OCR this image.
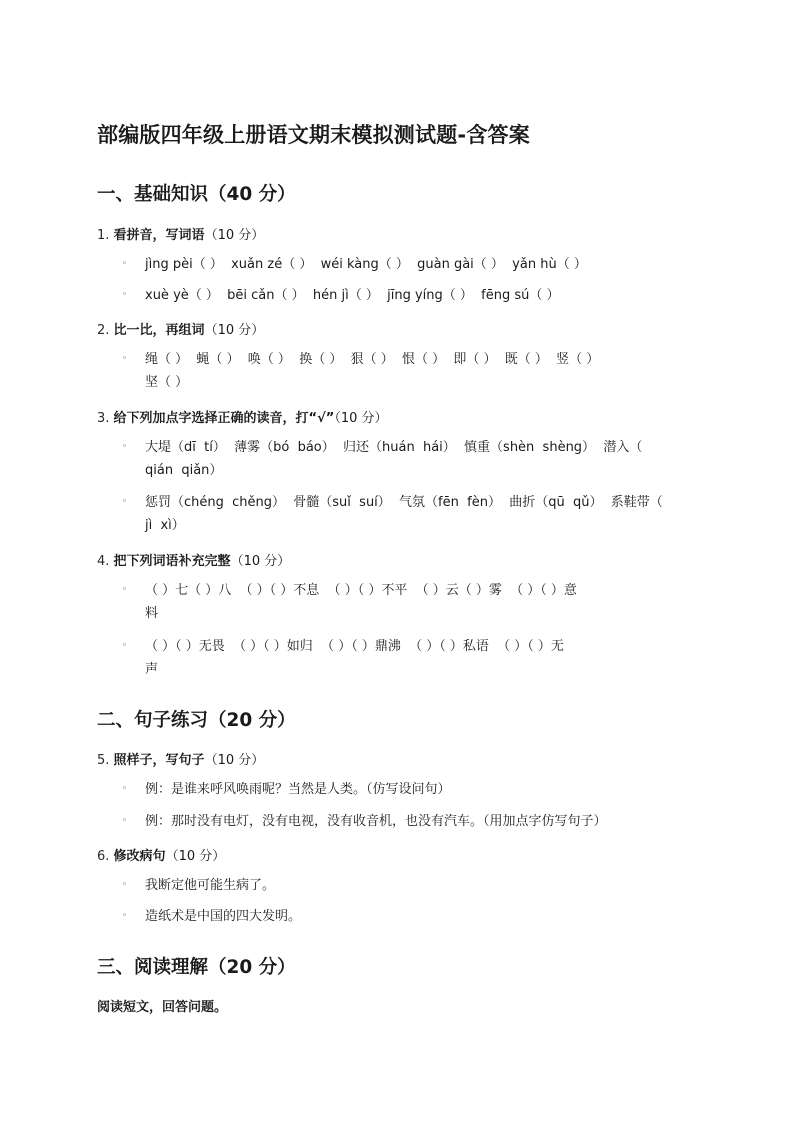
部编版四年级上册语文期末模拟测试题-含答案
一、基础知识（40 分）
1. 看拼音，写词语（10 分）
◦	jìng pèi（ ）  xuǎn zé（ ）  wéi kàng（ ）  guàn gài（ ）  yǎn hù（ ）
◦	xuè yè（ ）  bēi cǎn（ ）  hén jì（ ）  jīng yíng（ ）  fēng sú（ ）
2. 比一比，再组词（10 分）
◦	绳（ ）  蝇（ ）  唤（ ）  换（ ）  狠（ ）  恨（ ）  即（ ）  既（ ）  竖（ ）
坚（ ）
3. 给下列加点字选择正确的读音，打“√”（10 分）
◦	大堤（dī  tí）  薄雾（bó  báo）  归还（huán  hái）  慎重（shèn  shèng）  潜入（
qián  qiǎn）
◦	惩罚（chéng  chěng）  骨髓（suǐ  suí）  气氛（fēn  fèn）  曲折（qū  qǔ）  系鞋带（
jì  xì）
4. 把下列词语补充完整（10 分）
◦	（ ）七（ ）八  （ ）（ ）不息  （ ）（ ）不平  （ ）云（ ）雾  （ ）（ ）意
料
◦	（ ）（ ）无畏  （ ）（ ）如归  （ ）（ ）鼎沸  （ ）（ ）私语  （ ）（ ）无
声
二、句子练习（20 分）
5. 照样子，写句子（10 分）
◦	例：是谁来呼风唤雨呢？当然是人类。（仿写设问句）
◦	例：那时没有电灯，没有电视，没有收音机，也没有汽车。（用加点字仿写句子）
6. 修改病句（10 分）
◦	我断定他可能生病了。
◦	造纸术是中国的四大发明。
三、阅读理解（20 分）
阅读短文，回答问题。
